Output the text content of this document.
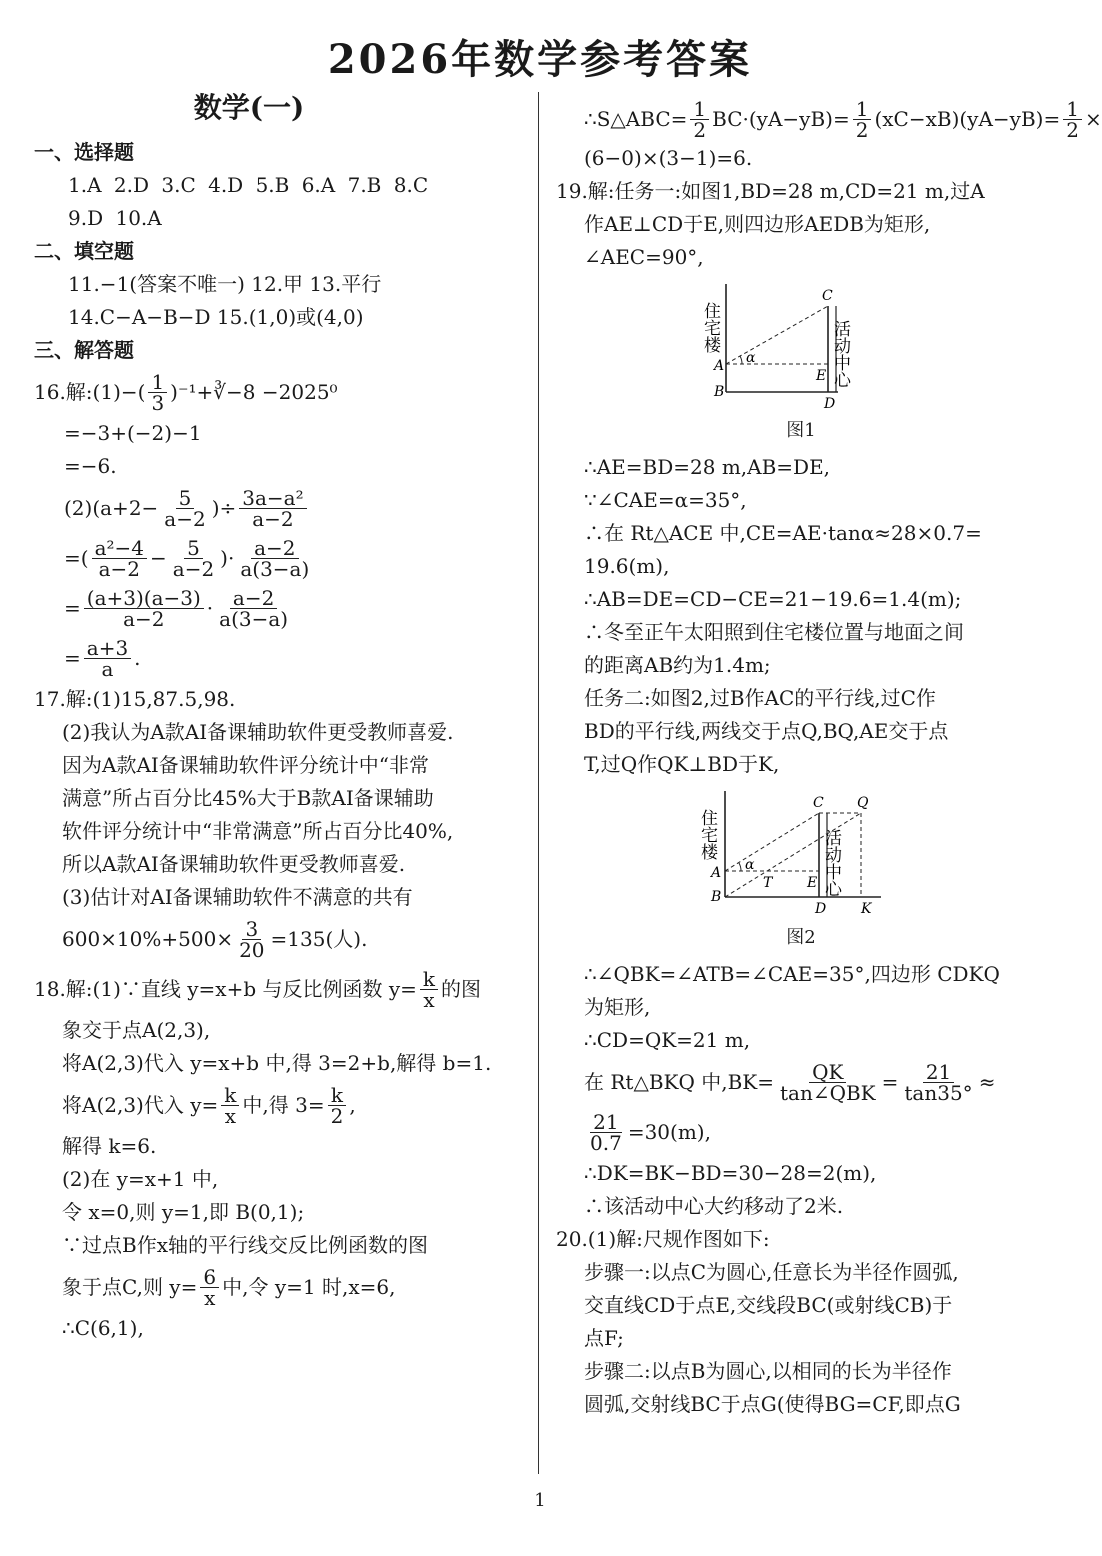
2026年数学参考答案
数学(一)

一、选择题

1.A 2.D 3.C 4.D 5.B 6.A 7.B 8.C

9.D 10.A

二、填空题

11.−1(答案不唯一) 12.甲 13.平行

14.C−A−B−D 15.(1,0)或(4,0)

三、解答题

16.解:(1)−( $\frac{1}{3}$ )⁻¹+∛−8 −2025⁰

=−3+(−2)−1

=−6.

$(2)(a+2- \frac{5}{a-2}$ )÷ $\frac{\text{3a−a²}}{a-2}$
=( $\frac{\text{a²−4}}{a-2} - \frac{5}{a-2}$ )· $\frac{a-2}{a(3-a)}$
= $\frac{(a+3)(a-3)}{a-2} \cdot \frac{a-2}{a(3-a)}$
= $\frac{a+3}{a}$ .

17.解:(1)15,87.5,98.

(2)我认为A款AI备课辅助软件更受教师喜爱.

因为A款AI备课辅助软件评分统计中“非常

满意”所占百分比45%大于B款AI备课辅助

软件评分统计中“非常满意”所占百分比40%,

所以A款AI备课辅助软件更受教师喜爱.

(3)估计对AI备课辅助软件不满意的共有

$600\times 10\%+500\times \frac{3}{20} =135$(人).
18.解:(1)∵直线 y=x+b 与反比例函数 $y= \frac{k}{x}$ 的图

象交于点A(2,3),

将A(2,3)代入 y=x+b 中,得 3=2+b,解得 b=1.

将A(2,3)代入 $y= \frac{k}{x}$ 中,得 $3= \frac{k}{2}$ ,

解得 k=6.

(2)在 y=x+1 中,

令 x=0,则 y=1,即 B(0,1);

∵过点B作x轴的平行线交反比例函数的图

象于点C,则 $y= \frac{6}{x}$ 中,令 y=1 时,x=6,

∴C(6,1),

∴S△ABC= $\frac{1}{2} BC\cdot(yA-yB)= \frac{1}{2} (xC-xB)(yA-yB)= \frac{1}{2}$ ×

(6−0)×(3−1)=6.

19.解:任务一:如图1,BD=28 m,CD=21 m,过A

作AE⊥CD于E,则四边形AEDB为矩形,

∠AEC=90°,

住宅楼	活动中心
α
A
B
C
E
D
图1

∴AE=BD=28 m,AB=DE,

∵∠CAE=α=35°,

∴在 Rt△ACE 中,CE=AE·tanα≈28×0.7=

19.6(m),

∴AB=DE=CD−CE=21−19.6=1.4(m);

∴冬至正午太阳照到住宅楼位置与地面之间

的距离AB约为1.4m;

任务二:如图2,过B作AC的平行线,过C作

BD的平行线,两线交于点Q,BQ,AE交于点

T,过Q作QK⊥BD于K,

住宅楼	活动中心
α
A
B
C Q
T E
D K
图2

∴∠QBK=∠ATB=∠CAE=35°,四边形 CDKQ

为矩形,

∴CD=QK=21 m,

在 Rt△BKQ 中$,BK= \frac{QK}{\text{tan∠QBK}} = \frac{21}{\tan 35^\circ}$ ≈
$\frac{21}{0.7} =30(m)$,

∴DK=BK−BD=30−28=2(m),

∴该活动中心大约移动了2米.

20.(1)解:尺规作图如下:

步骤一:以点C为圆心,任意长为半径作圆弧,

交直线CD于点E,交线段BC(或射线CB)于

点F;

步骤二:以点B为圆心,以相同的长为半径作

圆弧,交射线BC于点G(使得BG=CF,即点G

1
